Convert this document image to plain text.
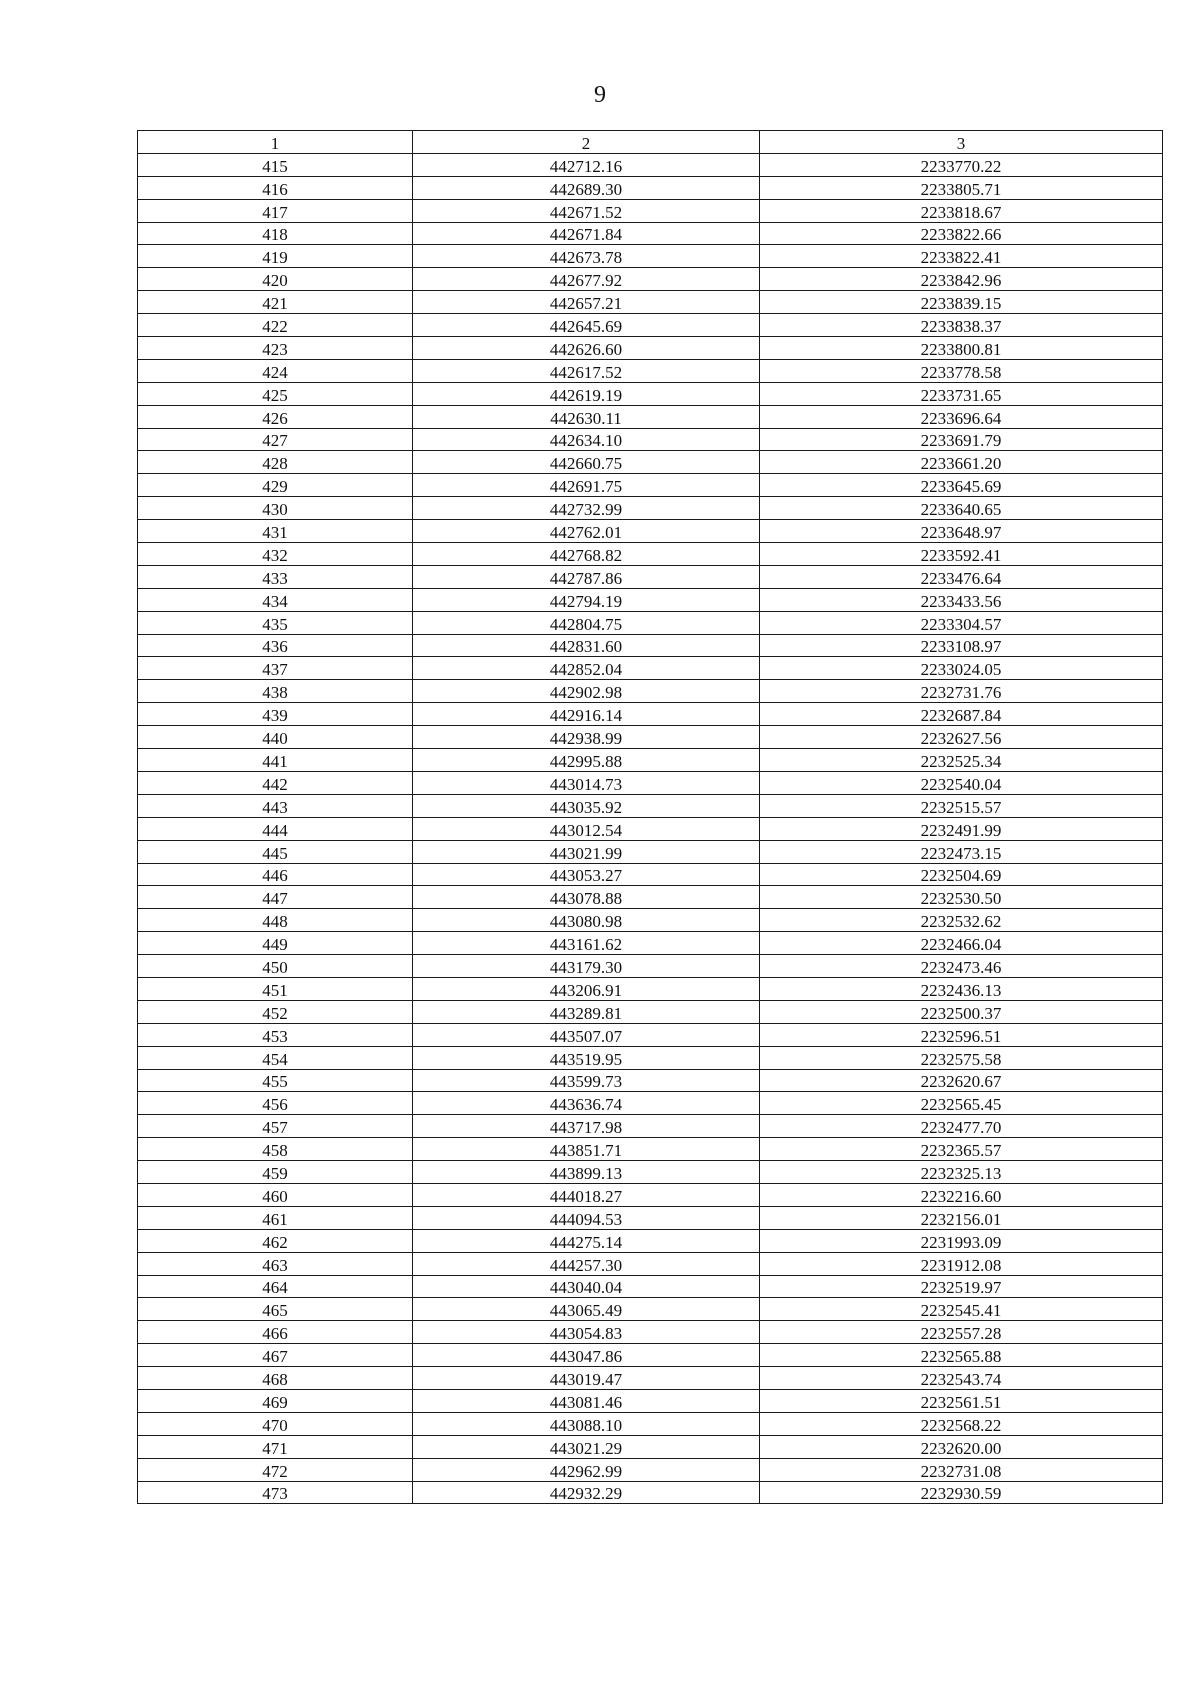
9
1	2	3
415	442712.16	2233770.22
416	442689.30	2233805.71
417	442671.52	2233818.67
418	442671.84	2233822.66
419	442673.78	2233822.41
420	442677.92	2233842.96
421	442657.21	2233839.15
422	442645.69	2233838.37
423	442626.60	2233800.81
424	442617.52	2233778.58
425	442619.19	2233731.65
426	442630.11	2233696.64
427	442634.10	2233691.79
428	442660.75	2233661.20
429	442691.75	2233645.69
430	442732.99	2233640.65
431	442762.01	2233648.97
432	442768.82	2233592.41
433	442787.86	2233476.64
434	442794.19	2233433.56
435	442804.75	2233304.57
436	442831.60	2233108.97
437	442852.04	2233024.05
438	442902.98	2232731.76
439	442916.14	2232687.84
440	442938.99	2232627.56
441	442995.88	2232525.34
442	443014.73	2232540.04
443	443035.92	2232515.57
444	443012.54	2232491.99
445	443021.99	2232473.15
446	443053.27	2232504.69
447	443078.88	2232530.50
448	443080.98	2232532.62
449	443161.62	2232466.04
450	443179.30	2232473.46
451	443206.91	2232436.13
452	443289.81	2232500.37
453	443507.07	2232596.51
454	443519.95	2232575.58
455	443599.73	2232620.67
456	443636.74	2232565.45
457	443717.98	2232477.70
458	443851.71	2232365.57
459	443899.13	2232325.13
460	444018.27	2232216.60
461	444094.53	2232156.01
462	444275.14	2231993.09
463	444257.30	2231912.08
464	443040.04	2232519.97
465	443065.49	2232545.41
466	443054.83	2232557.28
467	443047.86	2232565.88
468	443019.47	2232543.74
469	443081.46	2232561.51
470	443088.10	2232568.22
471	443021.29	2232620.00
472	442962.99	2232731.08
473	442932.29	2232930.59
